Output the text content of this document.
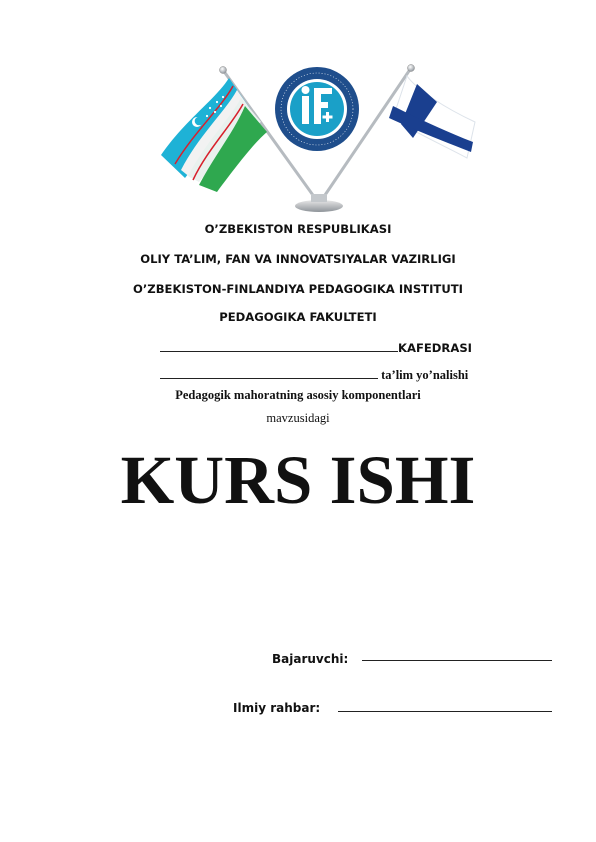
O’ZBEKISTON RESPUBLIKASI
OLIY TA’LIM, FAN VA INNOVATSIYALAR VAZIRLIGI
O’ZBEKISTON-FINLANDIYA PEDAGOGIKA INSTITUTI
PEDAGOGIKA FAKULTETI
KAFEDRASI
ta’lim yo’nalishi
Pedagogik mahoratning asosiy komponentlari
mavzusidagi
KURS ISHI
Bajaruvchi:
Ilmiy rahbar:
